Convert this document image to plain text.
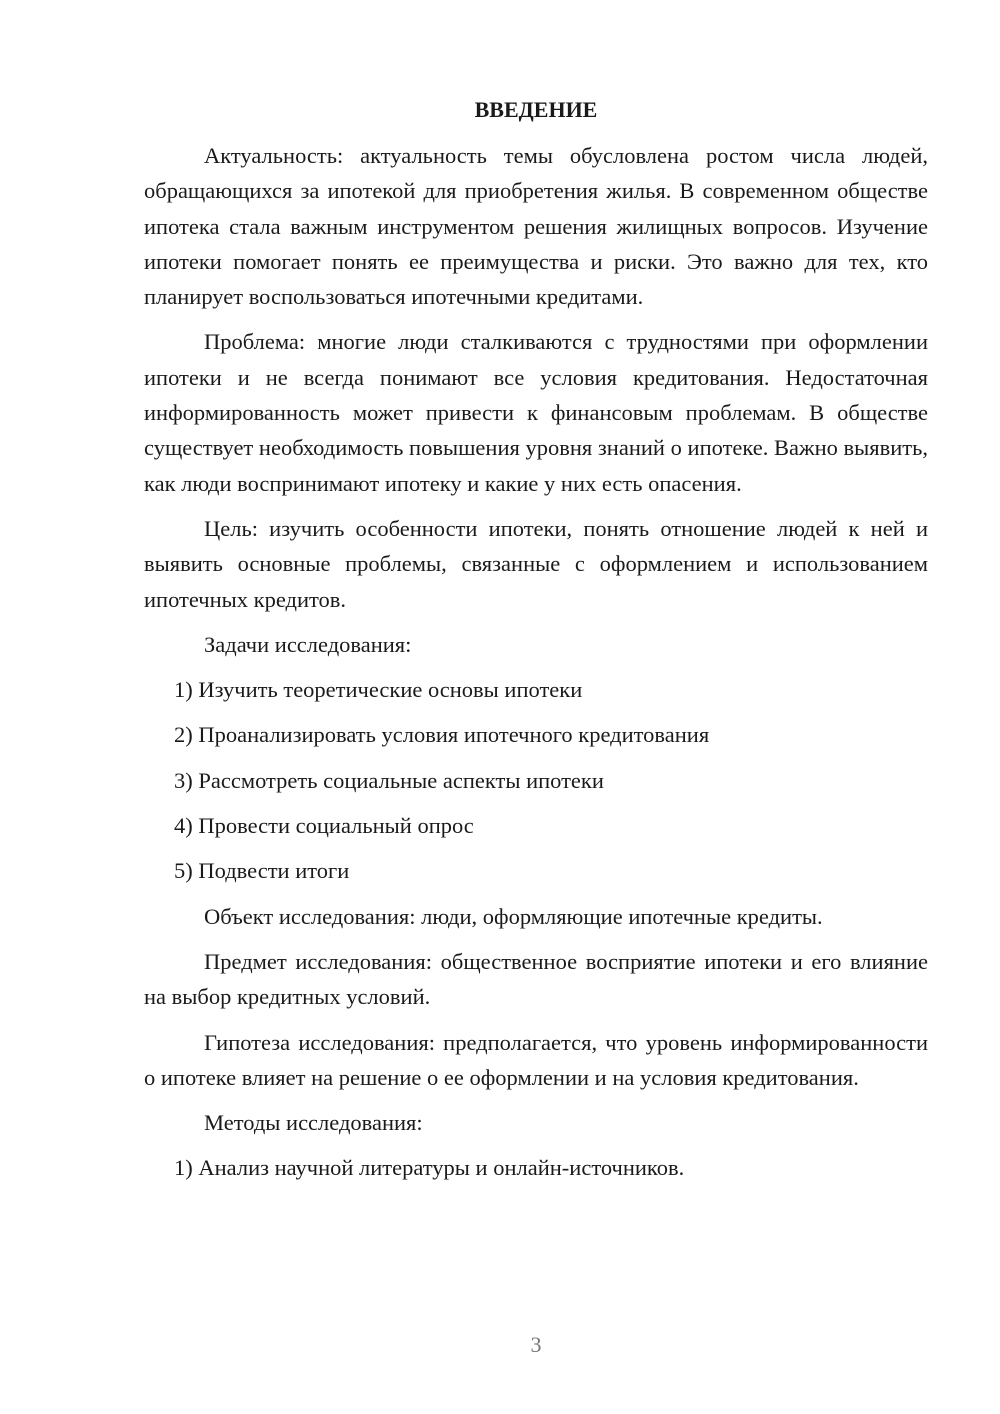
ВВЕДЕНИЕ

Актуальность: актуальность темы обусловлена ростом числа людей, обращающихся за ипотекой для приобретения жилья. В современном обществе ипотека стала важным инструментом решения жилищных вопросов. Изучение ипотеки помогает понять ее преимущества и риски. Это важно для тех, кто планирует воспользоваться ипотечными кредитами.

Проблема: многие люди сталкиваются с трудностями при оформлении ипотеки и не всегда понимают все условия кредитования. Недостаточная информированность может привести к финансовым проблемам. В обществе существует необходимость повышения уровня знаний о ипотеке. Важно выявить, как люди воспринимают ипотеку и какие у них есть опасения.

Цель: изучить особенности ипотеки, понять отношение людей к ней и выявить основные проблемы, связанные с оформлением и использованием ипотечных кредитов.

Задачи исследования:
1) Изучить теоретические основы ипотеки
2) Проанализировать условия ипотечного кредитования
3) Рассмотреть социальные аспекты ипотеки
4) Провести социальный опрос
5) Подвести итоги
Объект исследования: люди, оформляющие ипотечные кредиты.

Предмет исследования: общественное восприятие ипотеки и его влияние на выбор кредитных условий.

Гипотеза исследования: предполагается, что уровень информированности о ипотеке влияет на решение о ее оформлении и на условия кредитования.

Методы исследования:
1) Анализ научной литературы и онлайн-источников.
3
